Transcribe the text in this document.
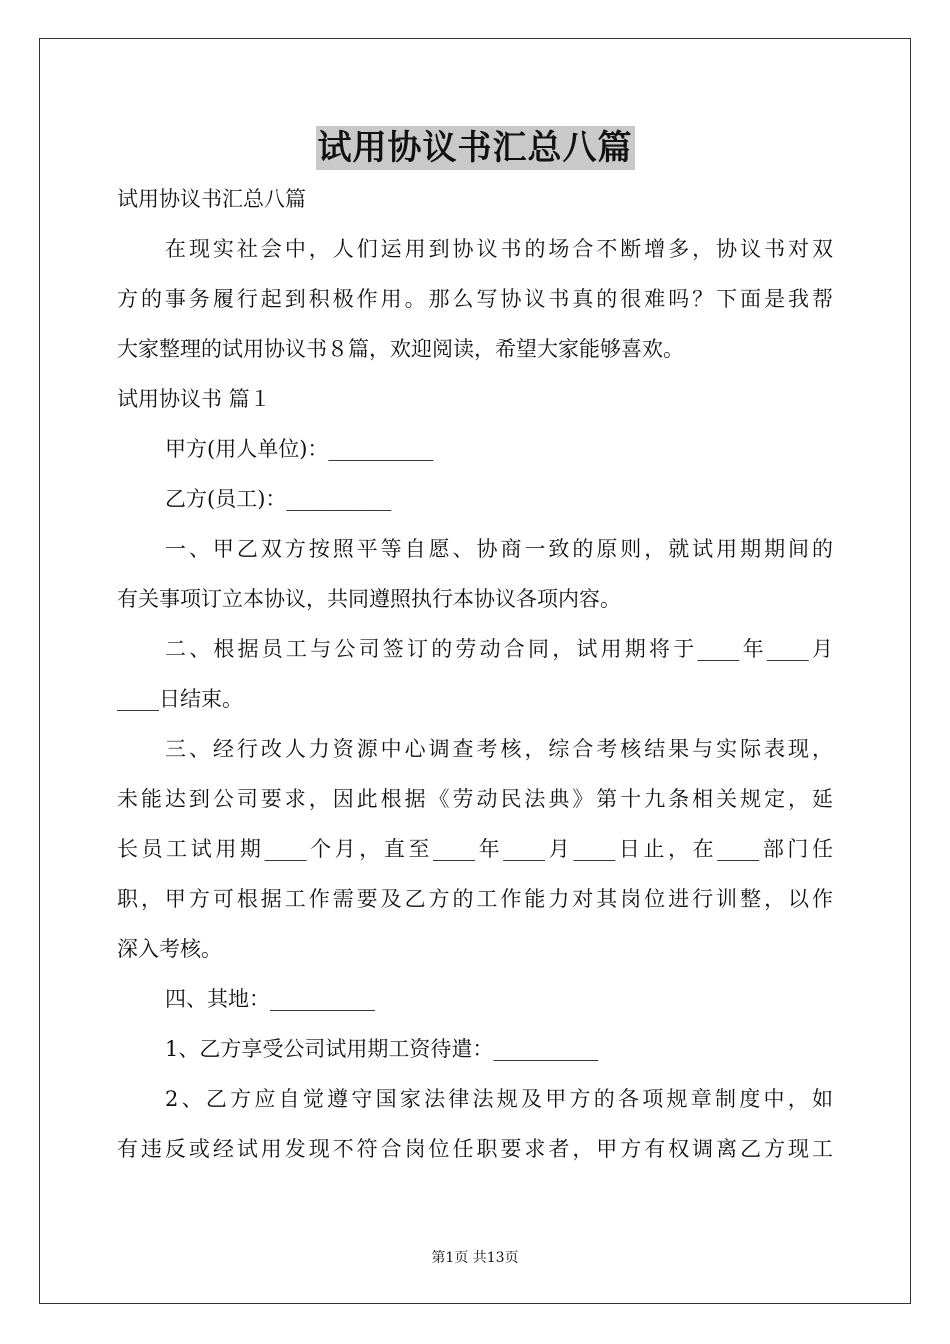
试用协议书汇总八篇
试用协议书汇总八篇
在现实社会中，人们运用到协议书的场合不断增多，协议书对双
方的事务履行起到积极作用。那么写协议书真的很难吗？下面是我帮
大家整理的试用协议书８篇，欢迎阅读，希望大家能够喜欢。
试用协议书 篇１
甲方(用人单位)：__________
乙方(员工)：__________
一、甲乙双方按照平等自愿、协商一致的原则，就试用期期间的
有关事项订立本协议，共同遵照执行本协议各项内容。
二、根据员工与公司签订的劳动合同，试用期将于____年____月
____日结束。
三、经行改人力资源中心调查考核，综合考核结果与实际表现，
未能达到公司要求，因此根据《劳动民法典》第十九条相关规定，延
长员工试用期____个月，直至____年____月____日止，在____部门任
职，甲方可根据工作需要及乙方的工作能力对其岗位进行训整，以作
深入考核。
四、其地：__________
1、乙方享受公司试用期工资待遣：__________
2、乙方应自觉遵守国家法律法规及甲方的各项规章制度中，如
有违反或经试用发现不符合岗位任职要求者，甲方有权调离乙方现工
第1页 共13页
